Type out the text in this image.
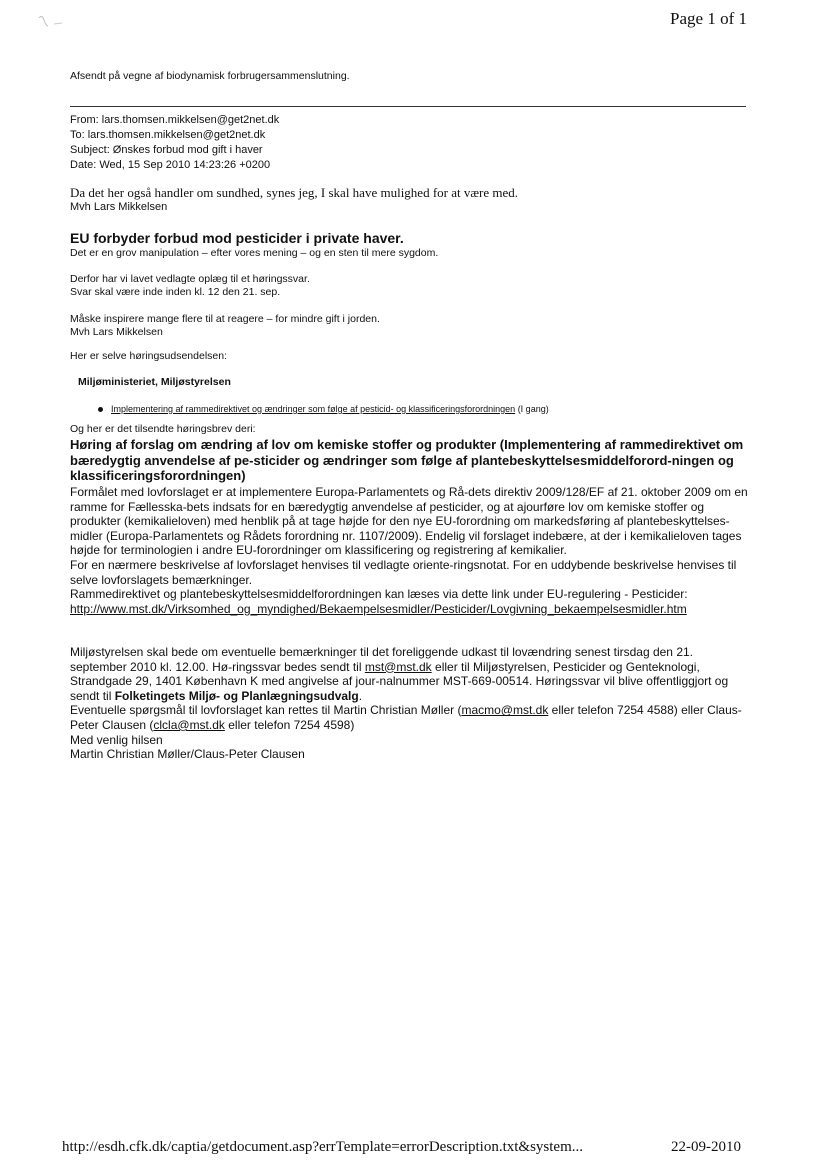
Page 1 of 1
Afsendt på vegne af biodynamisk forbrugersammenslutning.
From: lars.thomsen.mikkelsen@get2net.dk
To: lars.thomsen.mikkelsen@get2net.dk
Subject: Ønskes forbud mod gift i haver
Date: Wed, 15 Sep 2010 14:23:26 +0200
Da det her også handler om sundhed, synes jeg, I skal have mulighed for at være med.
Mvh Lars Mikkelsen
EU forbyder forbud mod pesticider i private haver.
Det er en grov manipulation – efter vores mening – og en sten til mere sygdom.
Derfor har vi lavet vedlagte oplæg til et høringssvar.
Svar skal være inde inden kl. 12 den 21. sep.
Måske inspirere mange flere til at reagere – for mindre gift i jorden.
Mvh Lars Mikkelsen
Her er selve høringsudsendelsen:
Miljøministeriet, Miljøstyrelsen
Implementering af rammedirektivet og ændringer som følge af pesticid- og klassificeringsforordningen (I gang)
Og her er det tilsendte høringsbrev deri:
Høring af forslag om ændring af lov om kemiske stoffer og produkter (Implementering af rammedirektivet om bæredygtig anvendelse af pe-sticider og ændringer som følge af plantebeskyttelsesmiddelforord-ningen og klassificeringsforordningen)
Formålet med lovforslaget er at implementere Europa-Parlamentets og Rå-dets direktiv 2009/128/EF af 21. oktober 2009 om en ramme for Fællesska-bets indsats for en bæredygtig anvendelse af pesticider, og at ajourføre lov om kemiske stoffer og produkter (kemikalieloven) med henblik på at tage højde for den nye EU-forordning om markedsføring af plantebeskyttelses-midler (Europa-Parlamentets og Rådets forordning nr. 1107/2009). Endelig vil forslaget indebære, at der i kemikalieloven tages højde for terminologien i andre EU-forordninger om klassificering og registrering af kemikalier.
For en nærmere beskrivelse af lovforslaget henvises til vedlagte oriente-ringsnotat. For en uddybende beskrivelse henvises til selve lovforslagets bemærkninger.
Rammedirektivet og plantebeskyttelsesmiddelforordningen kan læses via dette link under EU-regulering - Pesticider:
http://www.mst.dk/Virksomhed_og_myndighed/Bekaempelsesmidler/Pesticider/Lovgivning_bekaempelsesmidler.htm
Miljøstyrelsen skal bede om eventuelle bemærkninger til det foreliggende udkast til lovændring senest tirsdag den 21. september 2010 kl. 12.00. Hø-ringssvar bedes sendt til mst@mst.dk eller til Miljøstyrelsen, Pesticider og Genteknologi, Strandgade 29, 1401 København K med angivelse af jour-nalnummer MST-669-00514. Høringssvar vil blive offentliggjort og sendt til Folketingets Miljø- og Planlægningsudvalg.
Eventuelle spørgsmål til lovforslaget kan rettes til Martin Christian Møller (macmo@mst.dk eller telefon 7254 4588) eller Claus-Peter Clausen (clcla@mst.dk eller telefon 7254 4598)
Med venlig hilsen
Martin Christian Møller/Claus-Peter Clausen
http://esdh.cfk.dk/captia/getdocument.asp?errTemplate=errorDescription.txt&system...	22-09-2010
